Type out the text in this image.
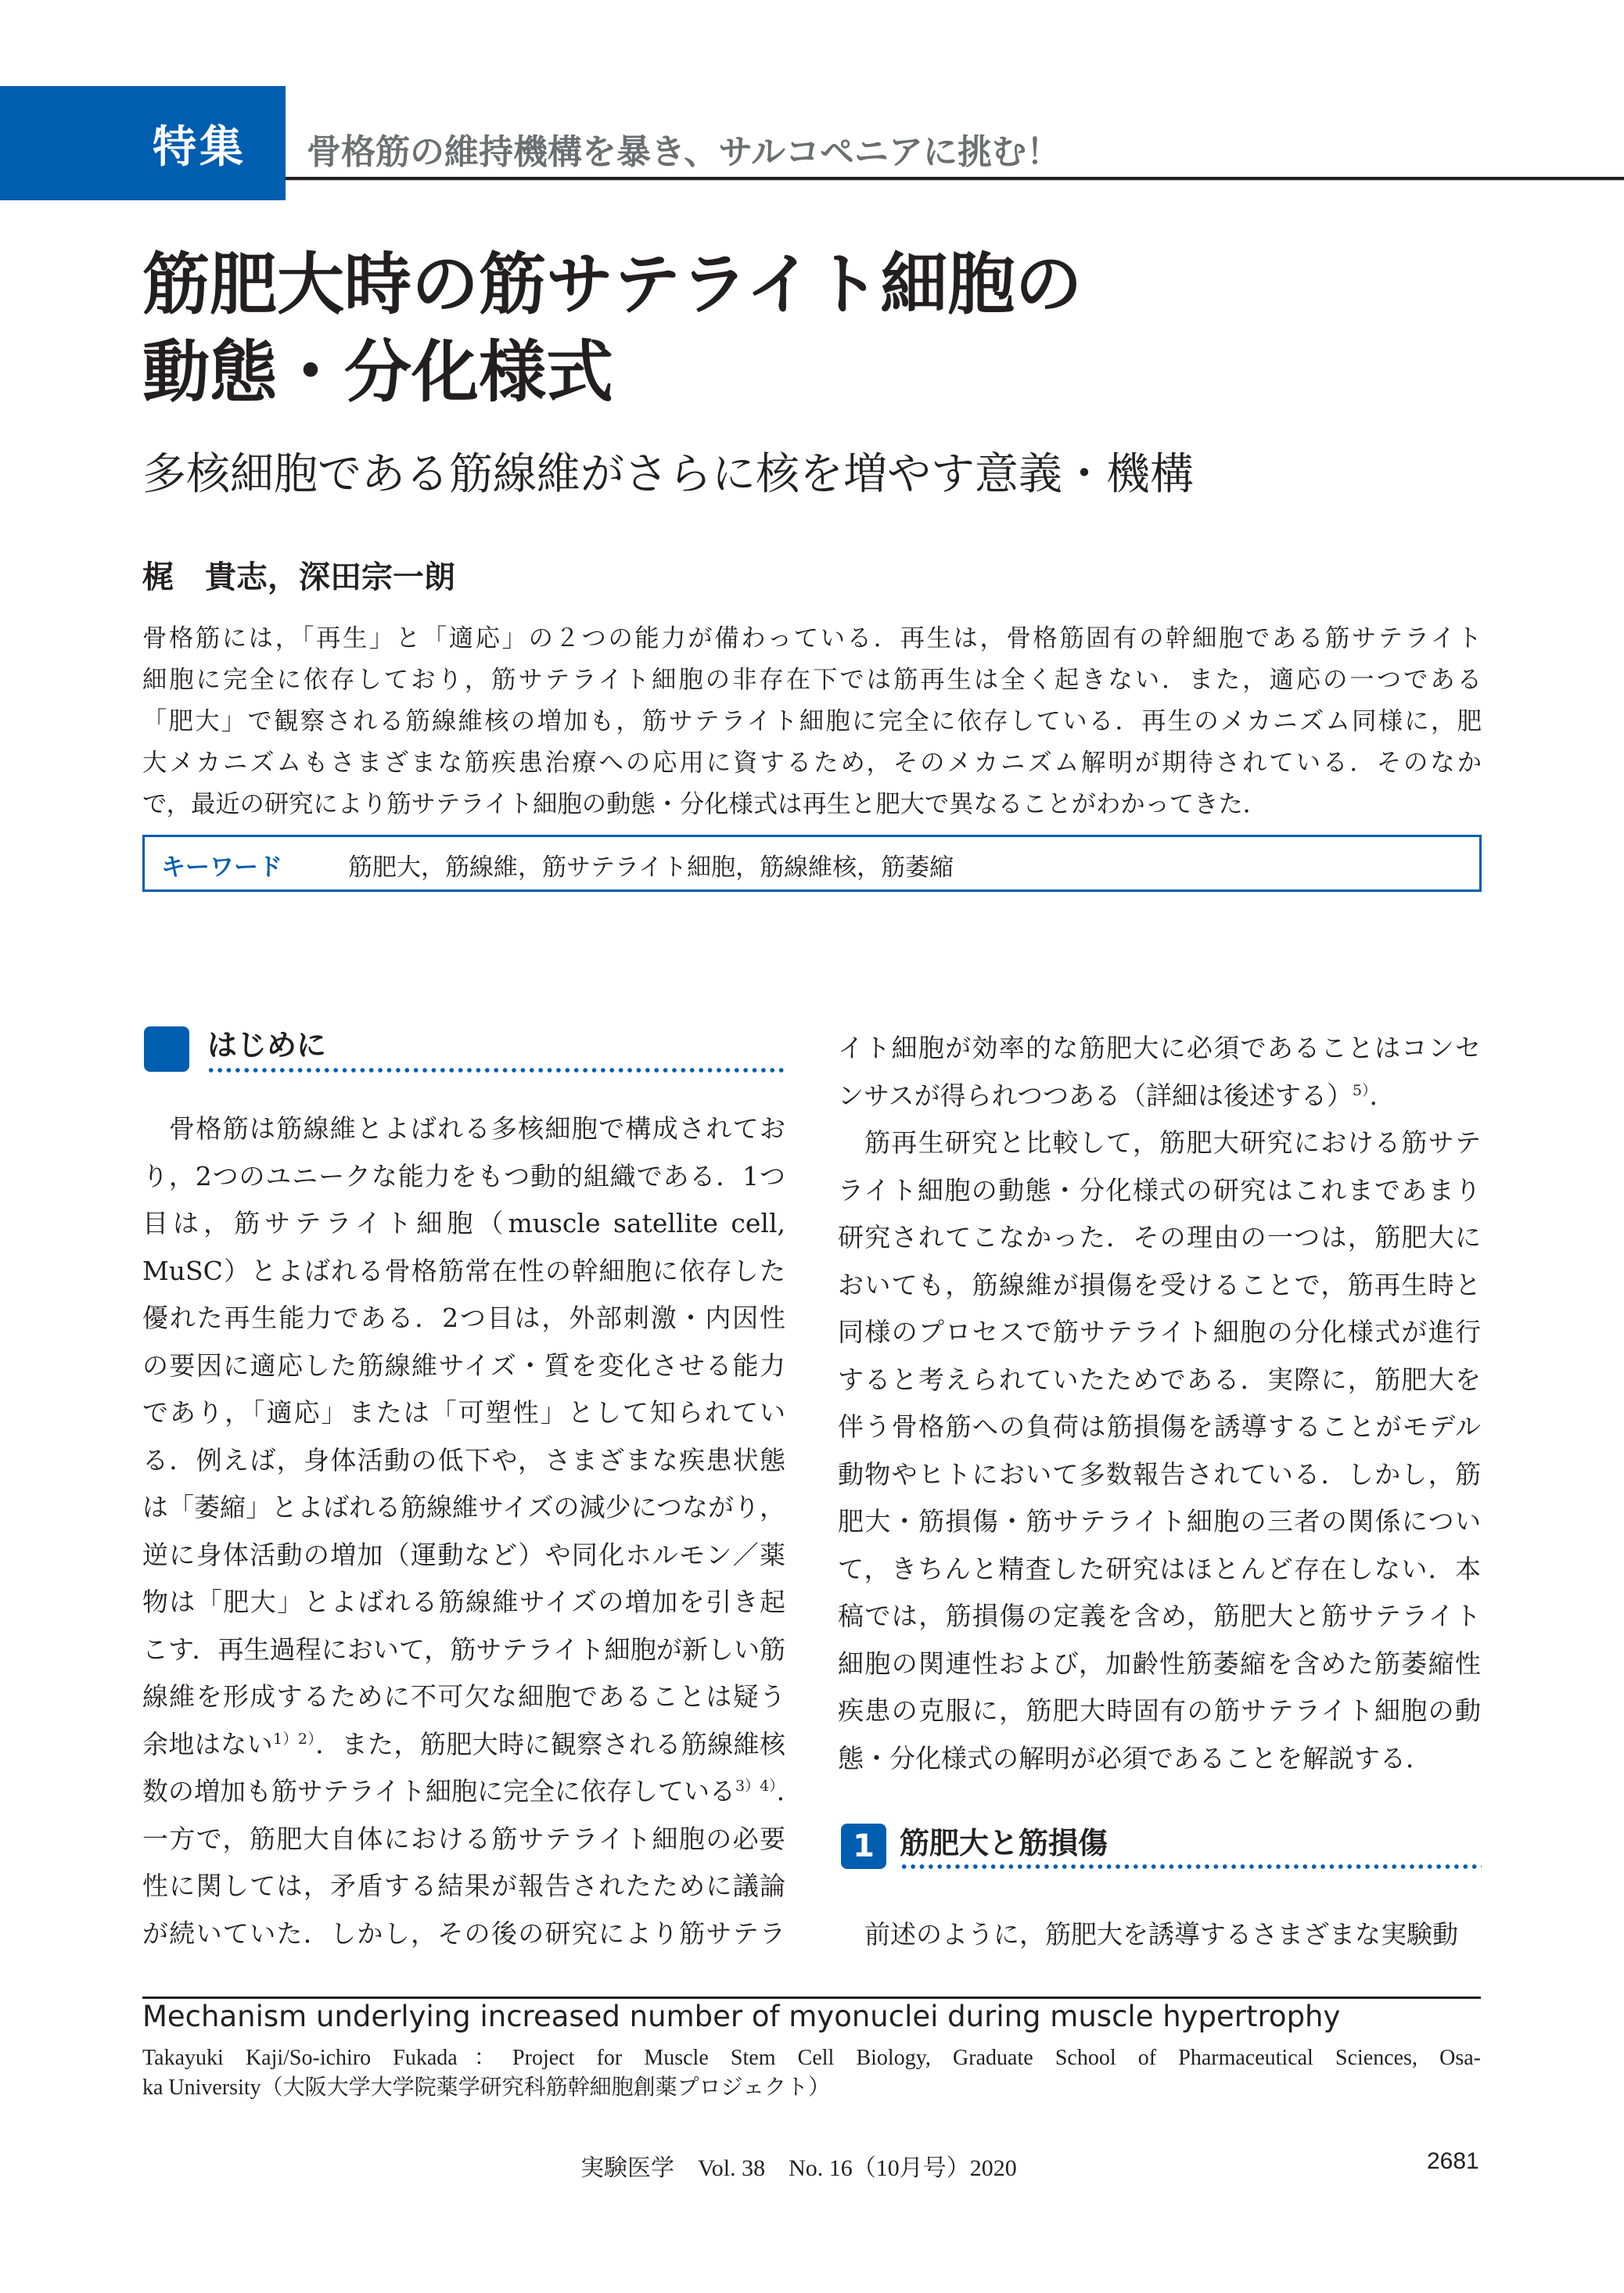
特集 骨格筋の維持機構を暴き、サルコペニアに挑む！
筋肥大時の筋サテライト細胞の
動態・分化様式
多核細胞である筋線維がさらに核を増やす意義・機構
梶　貴志，深田宗一朗
骨格筋には，「再生」と「適応」の２つの能力が備わっている．再生は，骨格筋固有の幹細胞である筋サテライト
細胞に完全に依存しており，筋サテライト細胞の非存在下では筋再生は全く起きない．また，適応の一つである
「肥大」で観察される筋線維核の増加も，筋サテライト細胞に完全に依存している．再生のメカニズム同様に，肥
大メカニズムもさまざまな筋疾患治療への応用に資するため，そのメカニズム解明が期待されている．そのなか
で，最近の研究により筋サテライト細胞の動態・分化様式は再生と肥大で異なることがわかってきた．
キーワード	筋肥大，筋線維，筋サテライト細胞，筋線維核，筋萎縮
はじめに
骨格筋は筋線維とよばれる多核細胞で構成されてお
り，2つのユニークな能力をもつ動的組織である．1つ
目は，筋サテライト細胞（muscle satellite cell,
MuSC）とよばれる骨格筋常在性の幹細胞に依存した
優れた再生能力である．2つ目は，外部刺激・内因性
の要因に適応した筋線維サイズ・質を変化させる能力
であり，「適応」または「可塑性」として知られてい
る．例えば，身体活動の低下や，さまざまな疾患状態
は「萎縮」とよばれる筋線維サイズの減少につながり，
逆に身体活動の増加（運動など）や同化ホルモン／薬
物は「肥大」とよばれる筋線維サイズの増加を引き起
こす．再生過程において，筋サテライト細胞が新しい筋
線維を形成するために不可欠な細胞であることは疑う
余地はない$^{1)2)}$．また，筋肥大時に観察される筋線維核
数の増加も筋サテライト細胞に完全に依存している$^{3)4)}$．
一方で，筋肥大自体における筋サテライト細胞の必要
性に関しては，矛盾する結果が報告されたために議論
が続いていた．しかし，その後の研究により筋サテラ
イト細胞が効率的な筋肥大に必須であることはコンセ
ンサスが得られつつある（詳細は後述する）$^{5)}$．
筋再生研究と比較して，筋肥大研究における筋サテ
ライト細胞の動態・分化様式の研究はこれまであまり
研究されてこなかった．その理由の一つは，筋肥大に
おいても，筋線維が損傷を受けることで，筋再生時と
同様のプロセスで筋サテライト細胞の分化様式が進行
すると考えられていたためである．実際に，筋肥大を
伴う骨格筋への負荷は筋損傷を誘導することがモデル
動物やヒトにおいて多数報告されている．しかし，筋
肥大・筋損傷・筋サテライト細胞の三者の関係につい
て，きちんと精査した研究はほとんど存在しない．本
稿では，筋損傷の定義を含め，筋肥大と筋サテライト
細胞の関連性および，加齢性筋萎縮を含めた筋萎縮性
疾患の克服に，筋肥大時固有の筋サテライト細胞の動
態・分化様式の解明が必須であることを解説する．
1 筋肥大と筋損傷
前述のように，筋肥大を誘導するさまざまな実験動
Mechanism underlying increased number of myonuclei during muscle hypertrophy
Takayuki Kaji/So-ichiro Fukada：Project for Muscle Stem Cell Biology, Graduate School of Pharmaceutical Sciences, Osa-
ka University（大阪大学大学院薬学研究科筋幹細胞創薬プロジェクト）
実験医学　Vol. 38　No. 16（10月号）2020	2681
